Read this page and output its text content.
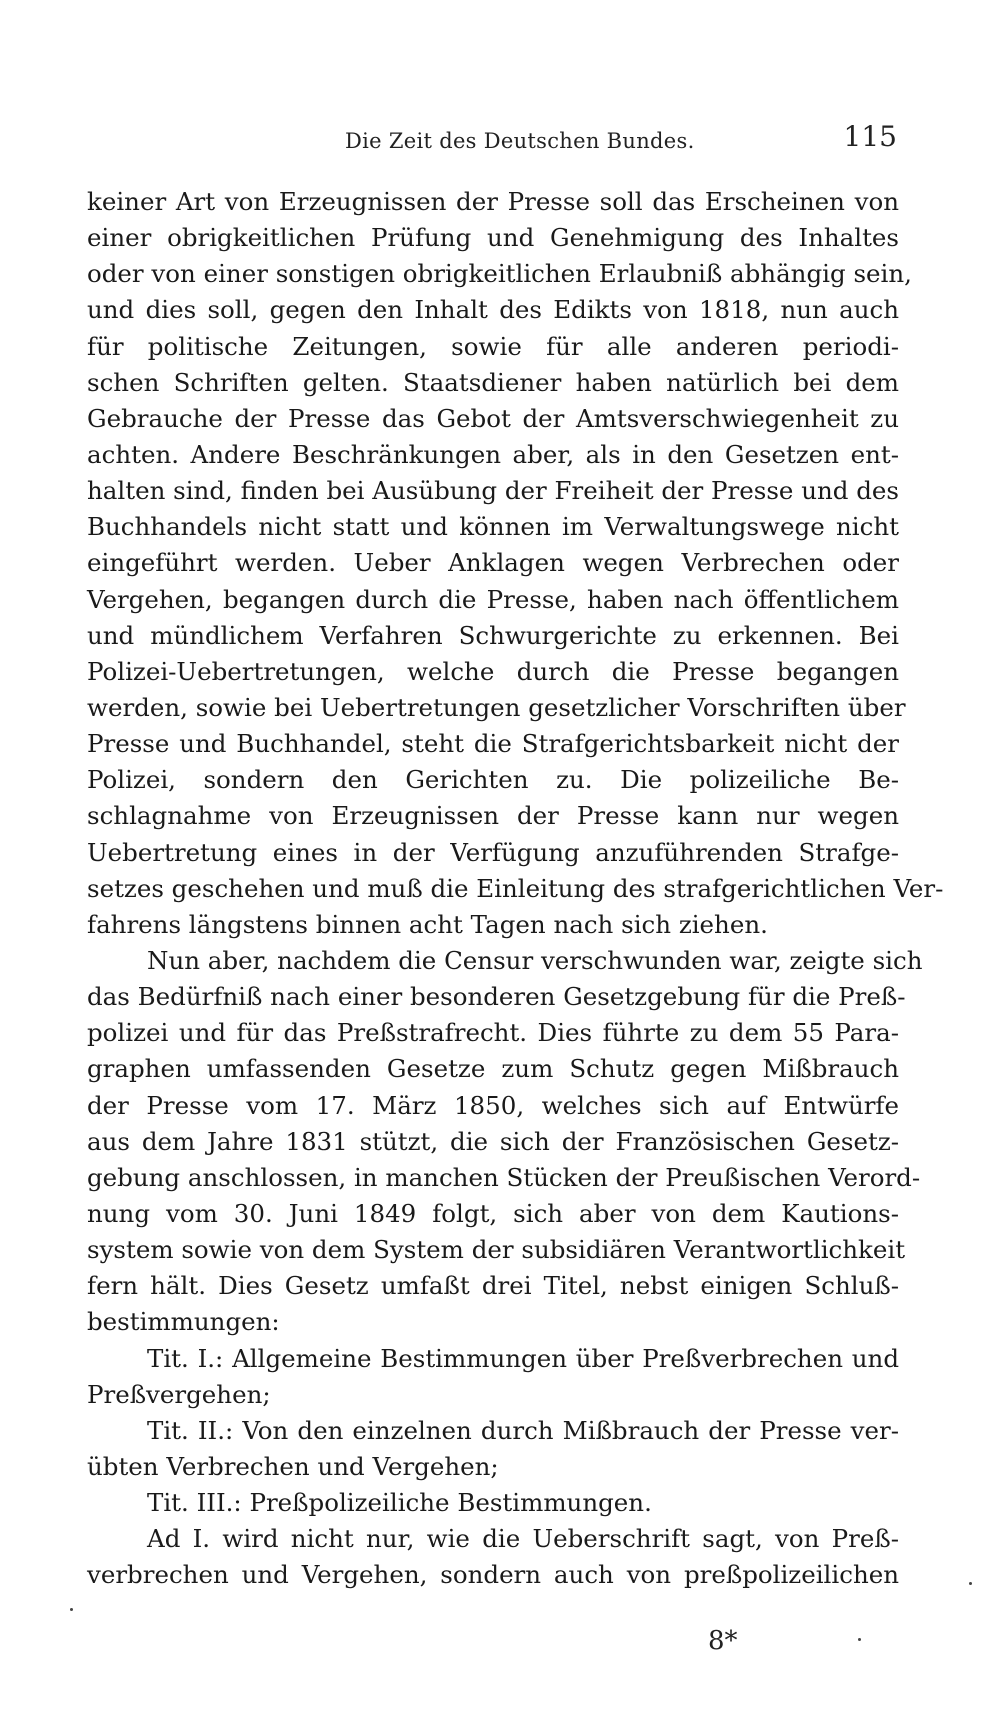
Die Zeit des Deutschen Bundes.	115
keiner Art von Erzeugnissen der Presse soll das Erscheinen von
einer obrigkeitlichen Prüfung und Genehmigung des Inhaltes
oder von einer sonstigen obrigkeitlichen Erlaubniß abhängig sein,
und dies soll, gegen den Inhalt des Edikts von 1818, nun auch
für politische Zeitungen, sowie für alle anderen periodi-
schen Schriften gelten. Staatsdiener haben natürlich bei dem
Gebrauche der Presse das Gebot der Amtsverschwiegenheit zu
achten. Andere Beschränkungen aber, als in den Gesetzen ent-
halten sind, finden bei Ausübung der Freiheit der Presse und des
Buchhandels nicht statt und können im Verwaltungswege nicht
eingeführt werden. Ueber Anklagen wegen Verbrechen oder
Vergehen, begangen durch die Presse, haben nach öffentlichem
und mündlichem Verfahren Schwurgerichte zu erkennen. Bei
Polizei-Uebertretungen, welche durch die Presse begangen
werden, sowie bei Uebertretungen gesetzlicher Vorschriften über
Presse und Buchhandel, steht die Strafgerichtsbarkeit nicht der
Polizei, sondern den Gerichten zu. Die polizeiliche Be-
schlagnahme von Erzeugnissen der Presse kann nur wegen
Uebertretung eines in der Verfügung anzuführenden Strafge-
setzes geschehen und muß die Einleitung des strafgerichtlichen Ver-
fahrens längstens binnen acht Tagen nach sich ziehen.
Nun aber, nachdem die Censur verschwunden war, zeigte sich
das Bedürfniß nach einer besonderen Gesetzgebung für die Preß-
polizei und für das Preßstrafrecht. Dies führte zu dem 55 Para-
graphen umfassenden Gesetze zum Schutz gegen Mißbrauch
der Presse vom 17. März 1850, welches sich auf Entwürfe
aus dem Jahre 1831 stützt, die sich der Französischen Gesetz-
gebung anschlossen, in manchen Stücken der Preußischen Verord-
nung vom 30. Juni 1849 folgt, sich aber von dem Kautions-
system sowie von dem System der subsidiären Verantwortlichkeit
fern hält. Dies Gesetz umfaßt drei Titel, nebst einigen Schluß-
bestimmungen:
Tit. I.: Allgemeine Bestimmungen über Preßverbrechen und
Preßvergehen;
Tit. II.: Von den einzelnen durch Mißbrauch der Presse ver-
übten Verbrechen und Vergehen;
Tit. III.: Preßpolizeiliche Bestimmungen.
Ad I. wird nicht nur, wie die Ueberschrift sagt, von Preß-
verbrechen und Vergehen, sondern auch von preßpolizeilichen
8*
